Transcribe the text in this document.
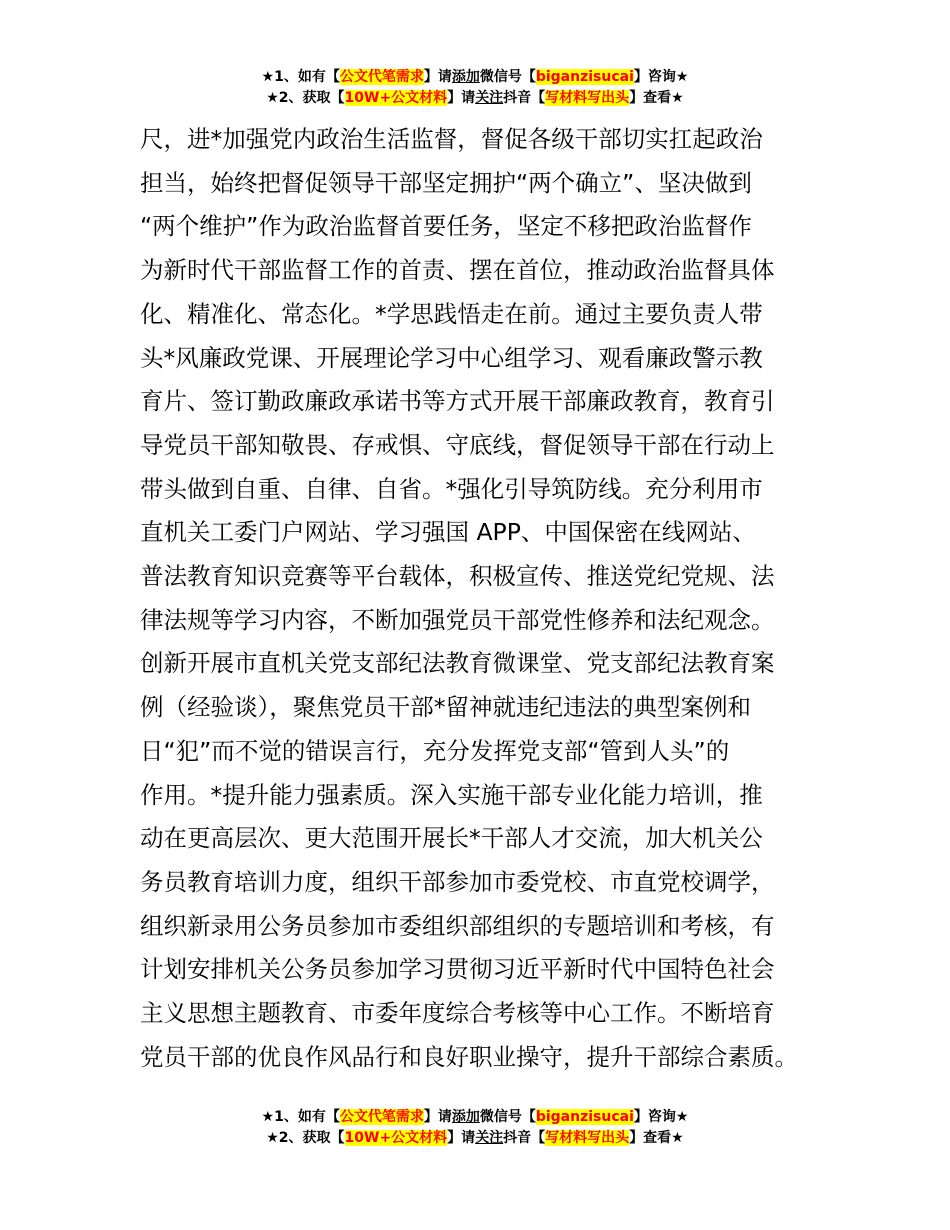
★1、如有【公文代笔需求】请添加微信号【biganzisucai】咨询★
★2、获取【10W+公文材料】请关注抖音【写材料写出头】查看★
尺，进*加强党内政治生活监督，督促各级干部切实扛起政治
担当，始终把督促领导干部坚定拥护“两个确立”、坚决做到
“两个维护”作为政治监督首要任务，坚定不移把政治监督作
为新时代干部监督工作的首责、摆在首位，推动政治监督具体
化、精准化、常态化。*学思践悟走在前。通过主要负责人带
头*风廉政党课、开展理论学习中心组学习、观看廉政警示教
育片、签订勤政廉政承诺书等方式开展干部廉政教育，教育引
导党员干部知敬畏、存戒惧、守底线，督促领导干部在行动上
带头做到自重、自律、自省。*强化引导筑防线。充分利用市
直机关工委门户网站、学习强国 APP、中国保密在线网站、
普法教育知识竞赛等平台载体，积极宣传、推送党纪党规、法
律法规等学习内容，不断加强党员干部党性修养和法纪观念。
创新开展市直机关党支部纪法教育微课堂、党支部纪法教育案
例（经验谈），聚焦党员干部*留神就违纪违法的典型案例和
日“犯”而不觉的错误言行，充分发挥党支部“管到人头”的
作用。*提升能力强素质。深入实施干部专业化能力培训，推
动在更高层次、更大范围开展长*干部人才交流，加大机关公
务员教育培训力度，组织干部参加市委党校、市直党校调学，
组织新录用公务员参加市委组织部组织的专题培训和考核，有
计划安排机关公务员参加学习贯彻习近平新时代中国特色社会
主义思想主题教育、市委年度综合考核等中心工作。不断培育
党员干部的优良作风品行和良好职业操守，提升干部综合素质。
★1、如有【公文代笔需求】请添加微信号【biganzisucai】咨询★
★2、获取【10W+公文材料】请关注抖音【写材料写出头】查看★
